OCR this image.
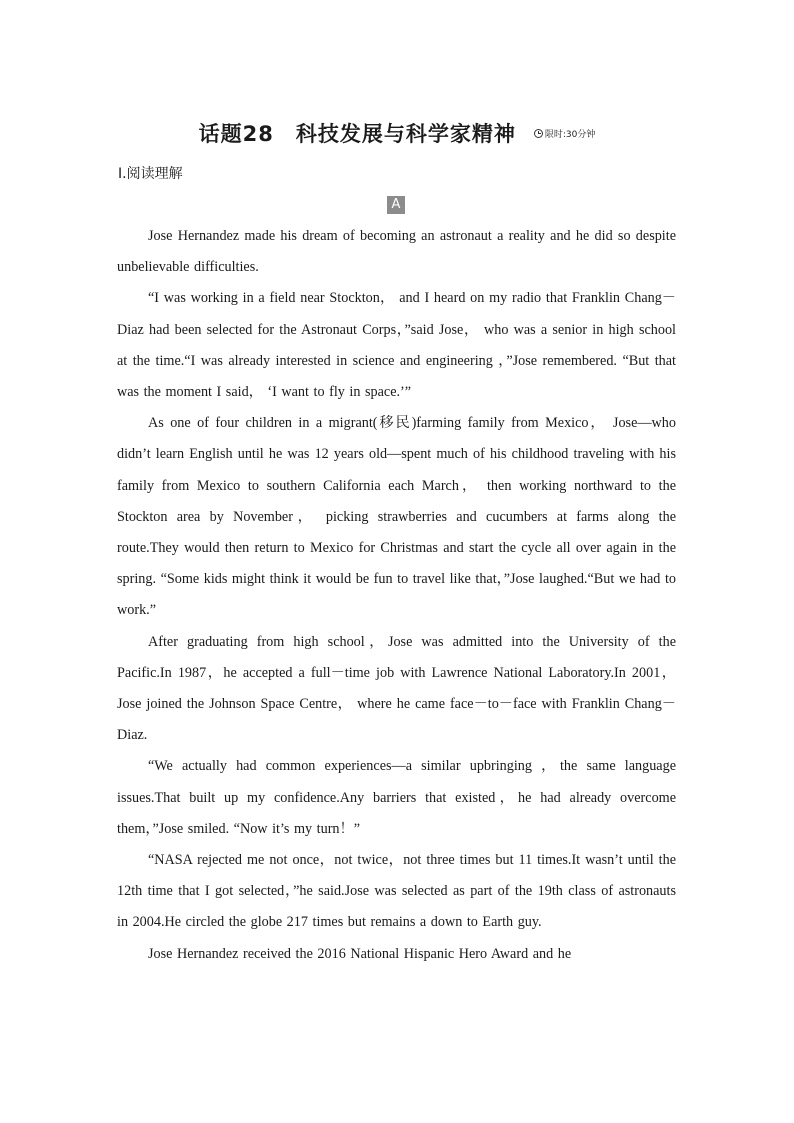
话题28　科技发展与科学家精神	限时:30分钟
Ⅰ.阅读理解
A

Jose Hernandez made his dream of becoming an astronaut a reality and he did so despite unbelievable difficulties.

“I was working in a field near Stockton， and I heard on my radio that Franklin Chang－Diaz had been selected for the Astronaut Corps，”said Jose， who was a senior in high school at the time.“I was already interested in science and engineering ，”Jose remembered. “But that was the moment I said， ‘I want to fly in space.’”

As one of four children in a migrant(移民)farming family from Mexico， Jose—who didn’t learn English until he was 12 years old—spent much of his childhood traveling with his family from Mexico to southern California each March， then working northward to the Stockton area by November， picking strawberries and cucumbers at farms along the route.They would then return to Mexico for Christmas and start the cycle all over again in the spring. “Some kids might think it would be fun to travel like that，”Jose laughed.“But we had to work.”

After graduating from high school，Jose was admitted into the University of the Pacific.In 1987，he accepted a full－time job with Lawrence National Laboratory.In 2001，Jose joined the Johnson Space Centre， where he came face－to－face with Franklin Chang－Diaz.

“We actually had common experiences—a similar upbringing ，the same language issues.That built up my confidence.Any barriers that existed，he had already overcome them，”Jose smiled. “Now it’s my turn！”

“NASA rejected me not once，not twice，not three times but 11 times.It wasn’t until the 12th time that I got selected，”he said.Jose was selected as part of the 19th class of astronauts in 2004.He circled the globe 217 times but remains a down to Earth guy.

Jose Hernandez received the 2016 National Hispanic Hero Award and he
